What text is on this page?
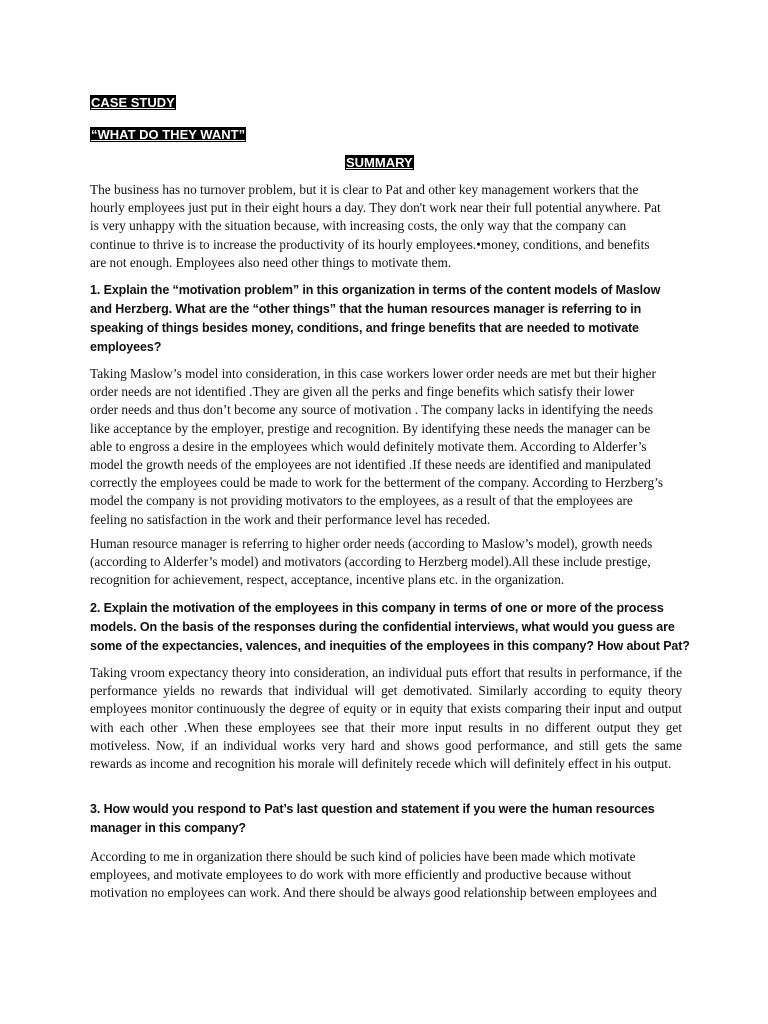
CASE STUDY
“WHAT DO THEY WANT”
SUMMARY

The business has no turnover problem, but it is clear to Pat and other key management workers that the
hourly employees just put in their eight hours a day. They don't work near their full potential anywhere. Pat
is very unhappy with the situation because, with increasing costs, the only way that the company can
continue to thrive is to increase the productivity of its hourly employees.•money, conditions, and benefits
are not enough. Employees also need other things to motivate them.

1. Explain the “motivation problem” in this organization in terms of the content models of Maslow
and Herzberg. What are the “other things” that the human resources manager is referring to in
speaking of things besides money, conditions, and fringe benefits that are needed to motivate
employees?

Taking Maslow’s model into consideration, in this case workers lower order needs are met but their higher
order needs are not identified .They are given all the perks and finge benefits which satisfy their lower
order needs and thus don’t become any source of motivation . The company lacks in identifying the needs
like acceptance by the employer, prestige and recognition. By identifying these needs the manager can be
able to engross a desire in the employees which would definitely motivate them. According to Alderfer’s
model the growth needs of the employees are not identified .If these needs are identified and manipulated
correctly the employees could be made to work for the betterment of the company. According to Herzberg’s
model the company is not providing motivators to the employees, as a result of that the employees are
feeling no satisfaction in the work and their performance level has receded.

Human resource manager is referring to higher order needs (according to Maslow’s model), growth needs
(according to Alderfer’s model) and motivators (according to Herzberg model).All these include prestige,
recognition for achievement, respect, acceptance, incentive plans etc. in the organization.

2. Explain the motivation of the employees in this company in terms of one or more of the process
models. On the basis of the responses during the confidential interviews, what would you guess are
some of the expectancies, valences, and inequities of the employees in this company? How about Pat?

Taking vroom expectancy theory into consideration, an individual puts effort that results in performance, if the performance yields no rewards that individual will get demotivated. Similarly according to equity theory employees monitor continuously the degree of equity or in equity that exists comparing their input and output with each other .When these employees see that their more input results in no different output they get motiveless. Now, if an individual works very hard and shows good performance, and still gets the same rewards as income and recognition his morale will definitely recede which will definitely effect in his output.

3. How would you respond to Pat’s last question and statement if you were the human resources
manager in this company?

According to me in organization there should be such kind of policies have been made which motivate
employees, and motivate employees to do work with more efficiently and productive because without
motivation no employees can work. And there should be always good relationship between employees and
